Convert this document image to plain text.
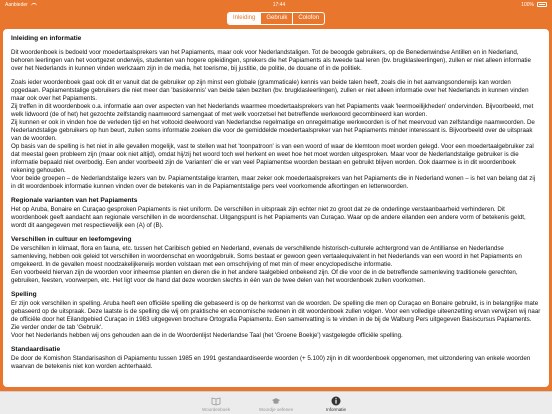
Aanbieder	17:44	100%
Inleiding	Gebruik	Colofon
Inleiding en informatie

Dit woordenboek is bedoeld voor moedertaalsprekers van het Papiaments, maar ook voor Nederlandstaligen. Tot de beoogde gebruikers, op de Benedenwindse Antillen en in Nederland, behoren leerlingen van het voortgezet onderwijs, studenten van hogere opleidingen, sprekers die het Papiaments als tweede taal leren (bv. brugklasleerlingen), zullen er niet alleen informatie over het Nederlands in kunnen vinden werkzaam zijn in de media, het toerisme, bij justitie, de politie, de douane of in de politiek.

Zoals ieder woordenboek gaat ook dit er vanuit dat de gebruiker op zijn minst een globale (grammaticale) kennis van beide talen heeft, zoals die in het aanvangsonderwijs kan worden opgedaan. Papiamentstalige gebruikers die niet meer dan 'basiskennis' van beide talen beziten (bv. brugklasleerlingen), zullen er niet alleen informatie over het Nederlands in kunnen vinden maar ook over het Papiaments.

Zij treffen in dit woordenboek o.a. informatie aan over aspecten van het Nederlands waarmee moedertaalsprekers van het Papiaments vaak 'leermoeilijkheden' ondervinden. Bijvoorbeeld, met welk lidwoord (de of het) het gezochte zelfstandig naamwoord samengaat of met welk voorzetsel het betreffende werkwoord gecombineerd kan worden.

Zij kunnen er ook in vinden hoe de verleden tijd en het voltooid deelwoord van Nederlandse regelmatige en onregelmatige werkwoorden is of het meervoud van zelfstandige naamwoorden. De Nederlandstalige gebruikers op hun beurt, zullen soms informatie zoeken die voor de gemiddelde moedertaalspreker van het Papiaments minder interessant is. Bijvoorbeeld over de uitspraak van de woorden.

Op basis van de spelling is het niet in alle gevallen mogelijk, vast te stellen wat het 'toonpatroon' is van een woord of waar de klemtoon moet worden gelegd. Voor een moedertaalgebruiker zal dat meestal geen probleem zijn (maar ook niet altijd), omdat hij/zij het woord toch wel herkent en weet hoe het moet worden uitgesproken. Maar voor de Nederlandstalige gebruiker is die informatie bepaald niet overbodig. Een ander voorbeeld zijn de 'varianten' die er van veel Papiamentse woorden bestaan en gebruikt blijven worden. Ook daarmee is in dit woordenboek rekening gehouden.

Voor beide groepen – de Nederlandstalige lezers van bv. Papiamentstalige kranten, maar zeker ook moedertaalsprekers van het Papiaments die in Nederland wonen – is het van belang dat zij in dit woordenboek informatie kunnen vinden over de betekenis van in de Papiamentstalige pers veel voorkomende afkortingen en letterwoorden.

Regionale varianten van het Papiaments

Het op Aruba, Bonaire en Curaçao gesproken Papiaments is niet uniform. De verschillen in uitspraak zijn echter niet zo groot dat ze de onderlinge verstaanbaarheid verhinderen. Dit woordenboek geeft aandacht aan regionale verschillen in de woordenschat. Uitgangspunt is het Papiaments van Curaçao. Waar op de andere eilanden een andere vorm of betekenis geldt, wordt dit aangegeven met respectievelijk een (A) of (B).

Verschillen in cultuur en leefomgeving

De verschillen in klimaat, flora en fauna, etc. tussen het Caribisch gebied en Nederland, evenals de verschillende historisch-culturele achtergrond van de Antillianse en Nederlandse samenleving, hebben ook geleid tot verschillen in woordenschat en woordgebruik. Soms bestaat er gewoon geen vertaalequivalent in het Nederlands van een woord in het Papiaments en omgekeerd. In de gevallen moest noodzakelijkerwijs worden volstaan met een omschrijving of met min of meer encyclopedische informatie.

Een voorbeeld hiervan zijn de woorden voor inheemse planten en dieren die in het andere taalgebied onbekend zijn. Of die voor de in de betreffende samenleving traditionele gerechten, gebruiken, feesten, voorwerpen, etc. Het ligt voor de hand dat deze woorden slechts in één van de twee delen van het woordenboek zullen voorkomen.

Spelling

Er zijn ook verschillen in spelling. Aruba heeft een officiële spelling die gebaseerd is op de herkomst van de woorden. De spelling die men op Curaçao en Bonaire gebruikt, is in belangrijke mate gebaseerd op de uitspraak. Deze laatste is de spelling die wij om praktische en economische redenen in dit woordenboek zullen volgen. Voor een volledige uiteenzetting ervan verwijzen wij naar de officiële door het Eilandgebied Curaçao in 1983 uitgegeven brochure Ortografia Papiamentu. Een samenvatting is te vinden in de bij de Walburg Pers uitgegeven Basiscursus Papiaments. Zie verder onder de tab 'Gebruik'.

Voor het Nederlands hebben wij ons gehouden aan de in de Woordenlijst Nederlandse Taal (het 'Groene Boekje') vastgelegde officiële spelling.

Standaardisatie

De door de Komishon Standarisashon di Papiamentu tussen 1985 en 1991 gestandaardiseerde woorden (+ 5.100) zijn in dit woordenboek opgenomen, met uitzondering van enkele woorden waarvan de betekenis niet kon worden achterhaald.

Woordenboek	Woordje oefenen	Informatie
